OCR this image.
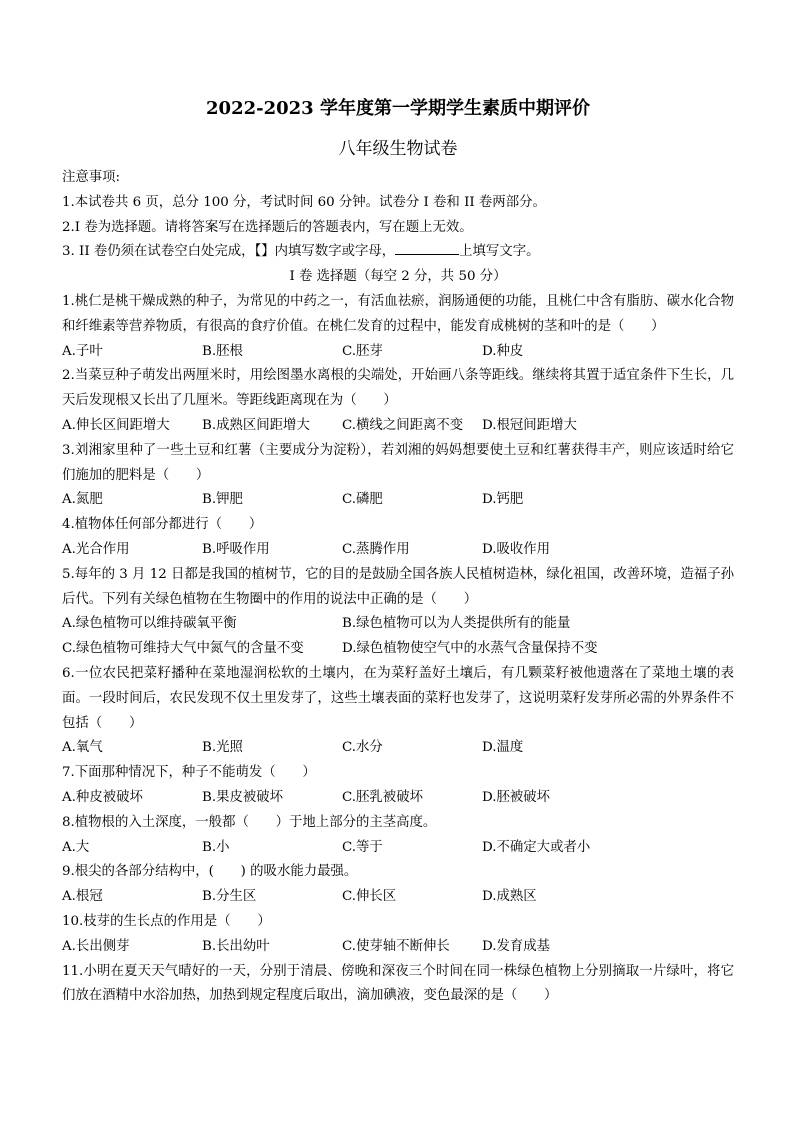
2022-2023 学年度第一学期学生素质中期评价
八年级生物试卷
注意事项:
1.本试卷共 6 页，总分 100 分，考试时间 60 分钟。试卷分 I 卷和 II 卷两部分。
2.I 卷为选择题。请将答案写在选择题后的答题表内，写在题上无效。
3. II 卷仍须在试卷空白处完成，【】内填写数字或字母，	上填写文字。
I 卷 选择题（每空 2 分，共 50 分）
1.桃仁是桃干燥成熟的种子，为常见的中药之一，有活血祛瘀，润肠通便的功能，且桃仁中含有脂肪、碳水化合物和纤维素等营养物质，有很高的食疗价值。在桃仁发育的过程中，能发育成桃树的茎和叶的是（　　）
A.子叶	B.胚根	C.胚芽	D.种皮
2.当菜豆种子萌发出两厘米时，用绘图墨水离根的尖端处，开始画八条等距线。继续将其置于适宜条件下生长，几天后发现根又长出了几厘米。等距线距离现在为（　　）
A.伸长区间距增大	B.成熟区间距增大	C.横线之间距离不变	D.根冠间距增大
3.刘湘家里种了一些土豆和红薯（主要成分为淀粉），若刘湘的妈妈想要使土豆和红薯获得丰产，则应该适时给它们施加的肥料是（　　）
A.氮肥	B.钾肥	C.磷肥	D.钙肥
4.植物体任何部分都进行（　　）
A.光合作用	B.呼吸作用	C.蒸腾作用	D.吸收作用
5.每年的 3 月 12 日都是我国的植树节，它的目的是鼓励全国各族人民植树造林，绿化祖国，改善环境，造福子孙后代。下列有关绿色植物在生物圈中的作用的说法中正确的是（　　）
A.绿色植物可以维持碳氧平衡	B.绿色植物可以为人类提供所有的能量
C.绿色植物可维持大气中氮气的含量不变	D.绿色植物使空气中的水蒸气含量保持不变
6.一位农民把菜籽播种在菜地湿润松软的土壤内，在为菜籽盖好土壤后，有几颗菜籽被他遗落在了菜地土壤的表面。一段时间后，农民发现不仅土里发芽了，这些土壤表面的菜籽也发芽了，这说明菜籽发芽所必需的外界条件不包括（　　）
A.氧气	B.光照	C.水分	D.温度
7.下面那种情况下，种子不能萌发（　　）
A.种皮被破坏	B.果皮被破坏	C.胚乳被破坏	D.胚被破坏
8.植物根的入土深度，一般都（　　）于地上部分的主茎高度。
A.大	B.小	C.等于	D.不确定大或者小
9.根尖的各部分结构中，(　　) 的吸水能力最强。
A.根冠	B.分生区	C.伸长区	D.成熟区
10.枝芽的生长点的作用是（　　）
A.长出侧芽	B.长出幼叶	C.使芽轴不断伸长	D.发育成基
11.小明在夏天天气晴好的一天，分别于清晨、傍晚和深夜三个时间在同一株绿色植物上分别摘取一片绿叶，将它们放在酒精中水浴加热，加热到规定程度后取出，滴加碘液，变色最深的是（　　）
